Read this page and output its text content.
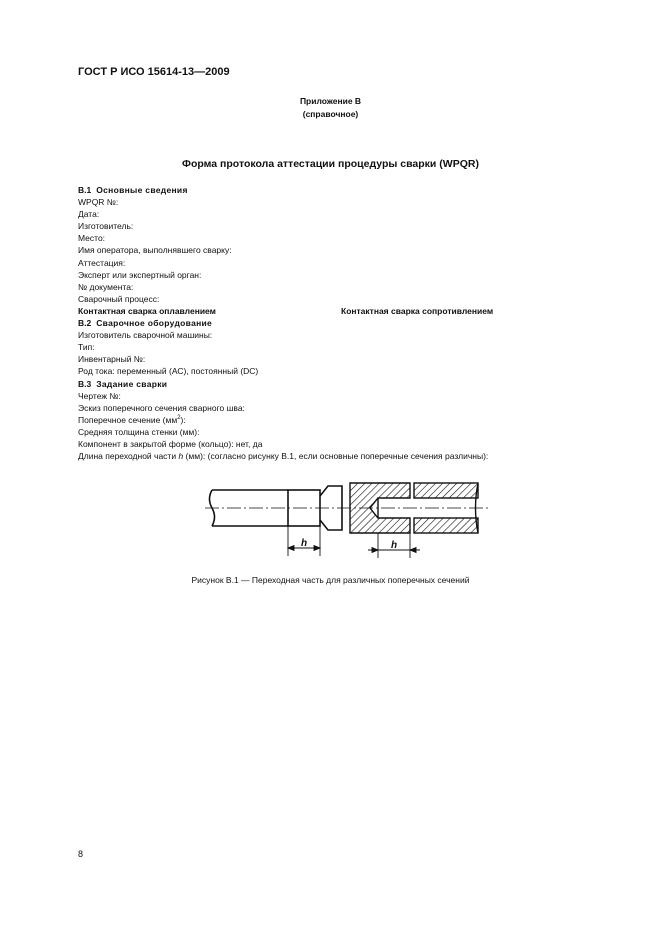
ГОСТ Р ИСО 15614-13—2009
Приложение В
(справочное)
Форма протокола аттестации процедуры сварки (WPQR)
В.1 Основные сведения
WPQR №:
Дата:
Изготовитель:
Место:
Имя оператора, выполнявшего сварку:
Аттестация:
Эксперт или экспертный орган:
№ документа:
Сварочный процесс:
Контактная сварка оплавлением	Контактная сварка сопротивлением
В.2 Сварочное оборудование
Изготовитель сварочной машины:
Тип:
Инвентарный №:
Род тока: переменный (АС), постоянный (DC)
В.3 Задание сварки
Чертеж №:
Эскиз поперечного сечения сварного шва:
Поперечное сечение $(мм^2)$:
Средняя толщина стенки (мм):
Компонент в закрытой форме (кольцо): нет, да
Длина переходной части h (мм): (согласно рисунку В.1, если основные поперечные сечения различны):
h	h
Рисунок В.1 — Переходная часть для различных поперечных сечений
8
